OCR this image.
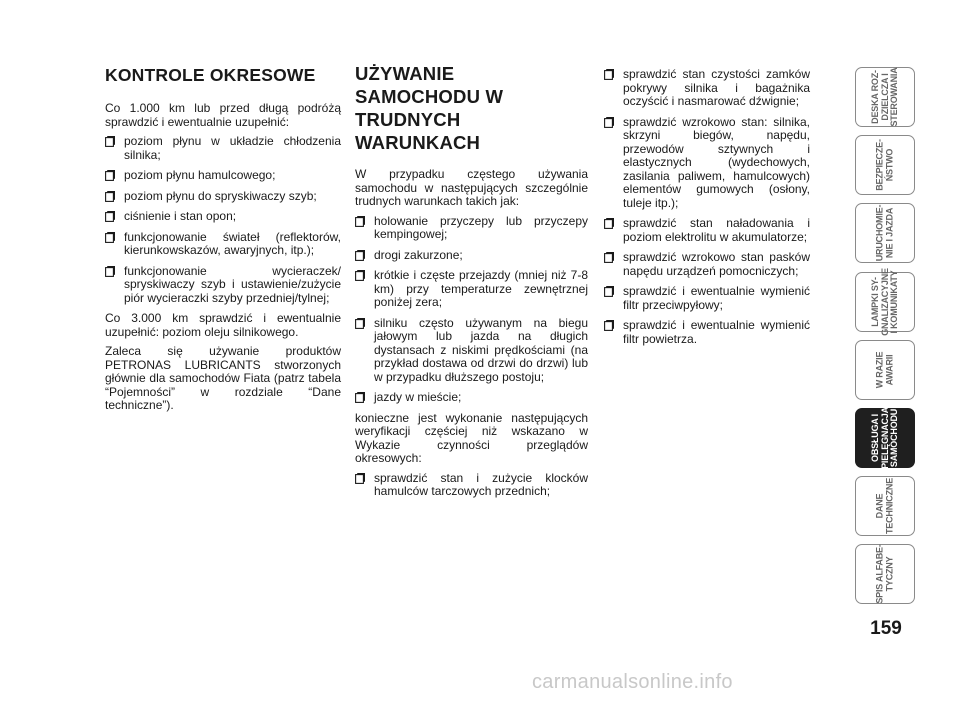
KONTROLE OKRESOWE

Co 1.000 km lub przed długą podróżą sprawdzić i ewentualnie uzupełnić:

poziom płynu w układzie chłodzenia silnika;
poziom płynu hamulcowego;
poziom płynu do spryskiwaczy szyb;
ciśnienie i stan opon;
funkcjonowanie świateł (reflektorów, kierunkowskazów, awaryjnych, itp.);
funkcjonowanie wycieraczek/ spryskiwaczy szyb i ustawienie/zużycie piór wycieraczki szyby przedniej/tylnej;

Co 3.000 km sprawdzić i ewentualnie uzupełnić: poziom oleju silnikowego.

Zaleca się używanie produktów PETRONAS LUBRICANTS stworzonych głównie dla samochodów Fiata (patrz tabela “Pojemności” w rozdziale “Dane techniczne”).

UŻYWANIE
SAMOCHODU W
TRUDNYCH
WARUNKACH

W przypadku częstego używania samochodu w następujących szczególnie trudnych warunkach takich jak:

holowanie przyczepy lub przyczepy kempingowej;
drogi zakurzone;
krótkie i częste przejazdy (mniej niż 7-8 km) przy temperaturze zewnętrznej poniżej zera;
silniku często używanym na biegu jałowym lub jazda na długich dystansach z niskimi prędkościami (na przykład dostawa od drzwi do drzwi) lub w przypadku dłuższego postoju;
jazdy w mieście;

konieczne jest wykonanie następujących weryfikacji częściej niż wskazano w Wykazie czynności przeglądów okresowych:

sprawdzić stan i zużycie klocków hamulców tarczowych przednich;
sprawdzić stan czystości zamków pokrywy silnika i bagażnika oczyścić i nasmarować dźwignie;
sprawdzić wzrokowo stan: silnika, skrzyni biegów, napędu, przewodów sztywnych i elastycznych (wydechowych, zasilania paliwem, hamulcowych) elementów gumowych (osłony, tuleje itp.);
sprawdzić stan naładowania i poziom elektrolitu w akumulatorze;
sprawdzić wzrokowo stan pasków napędu urządzeń pomocniczych;
sprawdzić i ewentualnie wymienić filtr przeciwpyłowy;
sprawdzić i ewentualnie wymienić filtr powietrza.
DESKA ROZ-
DZIELCZA I
STEROWANIA
BEZPIECZE-
ŃSTWO
URUCHOMIE-
NIE I JAZDA
LAMPKI SY-
GNALIZACYJNE
I KOMUNIKATY
W RAZIE
AWARII
OBSŁUGA I
PIELĘGNACJA
SAMOCHODU
DANE
TECHNICZNE
SPIS ALFABE-
TYCZNY
159
carmanualsonline.info
